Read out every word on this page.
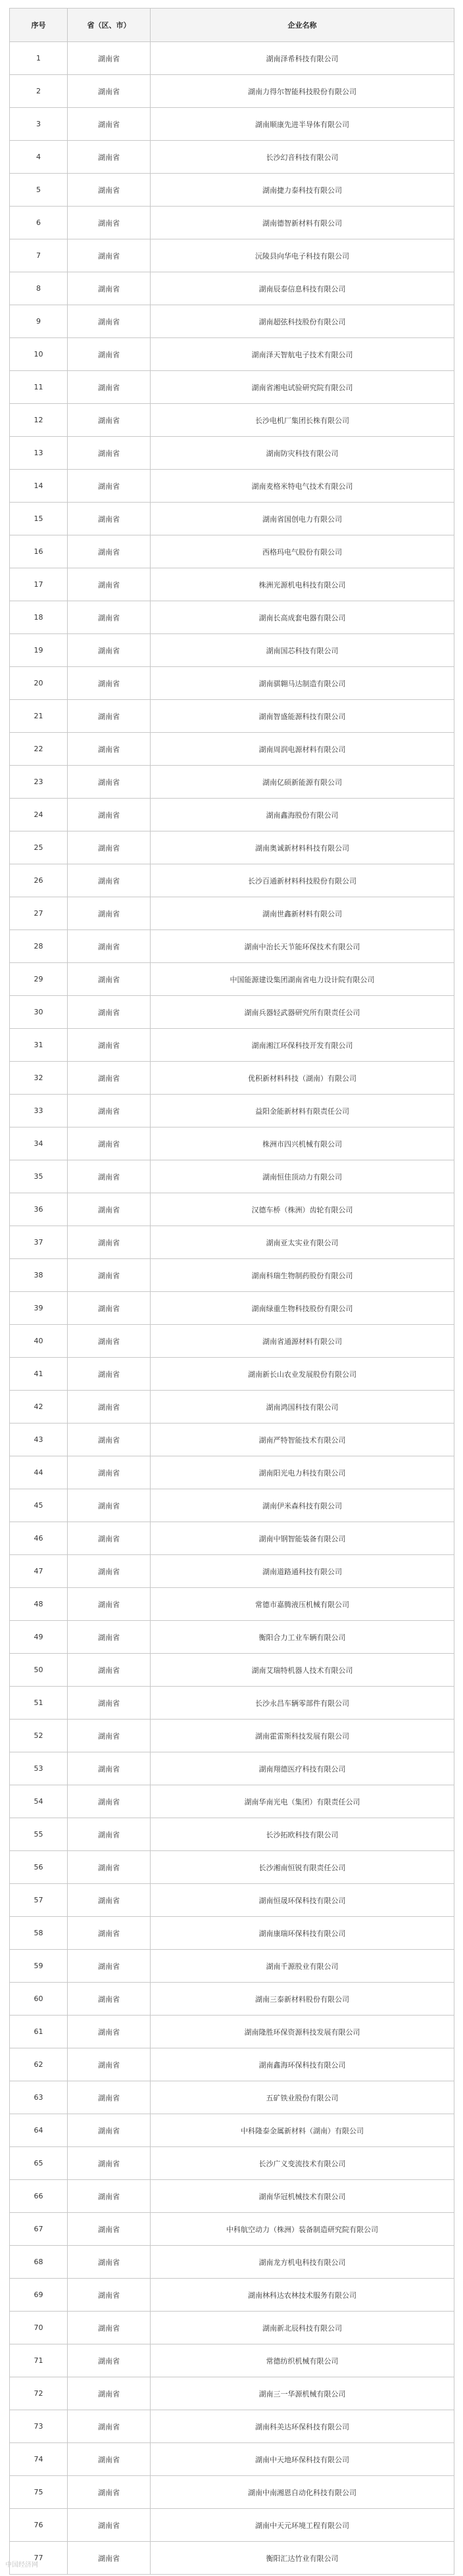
序号	省（区、市）	企业名称
1	湖南省	湖南泽希科技有限公司
2	湖南省	湖南力得尔智能科技股份有限公司
3	湖南省	湖南顺康先进半导体有限公司
4	湖南省	长沙幻音科技有限公司
5	湖南省	湖南捷力泰科技有限公司
6	湖南省	湖南德智新材料有限公司
7	湖南省	沅陵县向华电子科技有限公司
8	湖南省	湖南辰泰信息科技有限公司
9	湖南省	湖南超弦科技股份有限公司
10	湖南省	湖南泽天智航电子技术有限公司
11	湖南省	湖南省湘电试验研究院有限公司
12	湖南省	长沙电机厂集团长株有限公司
13	湖南省	湖南防灾科技有限公司
14	湖南省	湖南麦格米特电气技术有限公司
15	湖南省	湖南省国创电力有限公司
16	湖南省	西格玛电气股份有限公司
17	湖南省	株洲光源机电科技有限公司
18	湖南省	湖南长高成套电器有限公司
19	湖南省	湖南国芯科技有限公司
20	湖南省	湖南骐翱马达制造有限公司
21	湖南省	湖南智盛能源科技有限公司
22	湖南省	湖南周润电源材料有限公司
23	湖南省	湖南亿硕新能源有限公司
24	湖南省	湖南鑫海股份有限公司
25	湖南省	湖南奥诚新材料科技有限公司
26	湖南省	长沙百通新材料科技股份有限公司
27	湖南省	湖南世鑫新材料有限公司
28	湖南省	湖南中治长天节能环保技术有限公司
29	湖南省	中国能源建设集团湖南省电力设计院有限公司
30	湖南省	湖南兵器轻武器研究所有限责任公司
31	湖南省	湖南湘江环保科技开发有限公司
32	湖南省	优积新材料科技（湖南）有限公司
33	湖南省	益阳金能新材料有限责任公司
34	湖南省	株洲市四兴机械有限公司
35	湖南省	湖南恒佳顶动力有限公司
36	湖南省	汉德车桥（株洲）齿轮有限公司
37	湖南省	湖南亚太实业有限公司
38	湖南省	湖南科瑞生物制药股份有限公司
39	湖南省	湖南绿重生物科技股份有限公司
40	湖南省	湖南省通源材料有限公司
41	湖南省	湖南新长山农业发展股份有限公司
42	湖南省	湖南鸿国科技有限公司
43	湖南省	湖南严特智能技术有限公司
44	湖南省	湖南阳光电力科技有限公司
45	湖南省	湖南伊米森科技有限公司
46	湖南省	湖南中钢智能装备有限公司
47	湖南省	湖南道路通科技有限公司
48	湖南省	常德市嘉腾液压机械有限公司
49	湖南省	衡阳合力工业车辆有限公司
50	湖南省	湖南艾瑞特机器人技术有限公司
51	湖南省	长沙永昌车辆零部件有限公司
52	湖南省	湖南霍雷斯科技发展有限公司
53	湖南省	湖南翔德医疗科技有限公司
54	湖南省	湖南华南光电（集团）有限责任公司
55	湖南省	长沙拓欧科技有限公司
56	湖南省	长沙湘南恒锐有限责任公司
57	湖南省	湖南恒晟环保科技有限公司
58	湖南省	湖南康瑞环保科技有限公司
59	湖南省	湖南千源股业有限公司
60	湖南省	湖南三泰新材料股份有限公司
61	湖南省	湖南隆胜环保资源科技发展有限公司
62	湖南省	湖南鑫海环保科技有限公司
63	湖南省	五矿铁业股份有限公司
64	湖南省	中科隆泰金属新材料（湖南）有限公司
65	湖南省	长沙广义变流技术有限公司
66	湖南省	湖南华冠机械技术有限公司
67	湖南省	中科航空动力（株洲）装备制造研究院有限公司
68	湖南省	湖南龙方机电科技有限公司
69	湖南省	湖南林科达农林技术服务有限公司
70	湖南省	湖南新北辰科技有限公司
71	湖南省	常德纺织机械有限公司
72	湖南省	湖南三一华源机械有限公司
73	湖南省	湖南科美达环保科技有限公司
74	湖南省	湖南中天地环保科技有限公司
75	湖南省	湖南中南湘恩自动化科技有限公司
76	湖南省	湖南中天元环境工程有限公司
77	湖南省	衡阳汇达竹业有限公司
中国经济网
